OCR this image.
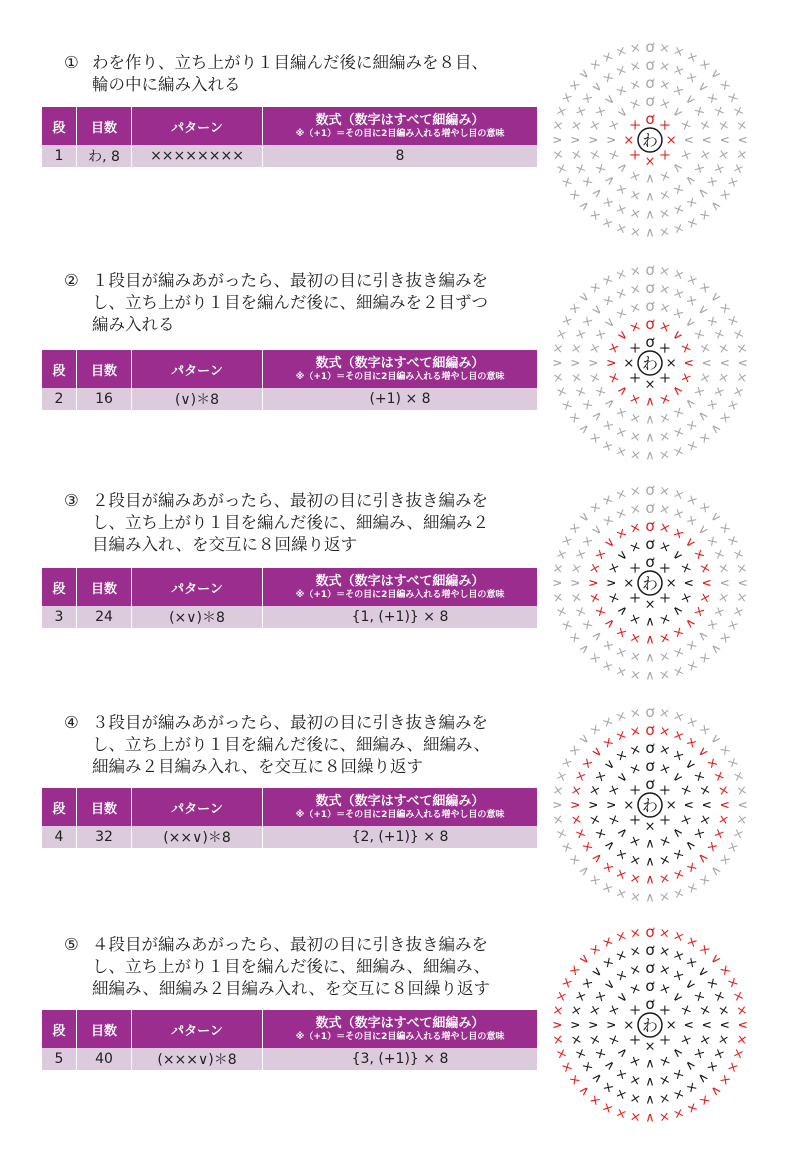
① わを作り、立ち上がり１目編んだ後に細編みを８目、
輪の中に編み入れる
段	目数	パターン	数式（数字はすべて細編み）
※（+1）＝その目に2目編み入れる増やし目の意味

1	わ, 8	××××××××	8
わ
ơ ×
×
×
×
×
×
×
ơ ×
∨
×
∨
×
∨
×
∨
×
∨
×
∨
×
∨
×
ơ ×
×
∨
×
×
∨
×
×
∨
×
×
∨
×
×
∨
×
×
∨
×
×
∨
×
×
ơ × ×
×
∨
×
×
×
∨
×
×
×
∨
×
×
×
∨
×
×
×
∨
×
×
×
∨
×
×
×
∨
×
× ×
ơ × ×
×
×
∨
×
×
×
×
∨
×
×
×
×
∨
×
×
×
×
∨
×
×
×
×
∨
×
×
×
×
∨
×
×
×
×
∨
×
×
× ×
② １段目が編みあがったら、最初の目に引き抜き編みを
し、立ち上がり１目を編んだ後に、細編みを２目ずつ
編み入れる
段	目数	パターン	数式（数字はすべて細編み）
※（+1）＝その目に2目編み入れる増やし目の意味

2	16	(∨)＊8	(+1) × 8
わ
ơ ×
×
×
×
×
×
×
ơ ×
∨
×
∨
×
∨
×
∨
×
∨
×
∨
×
∨
×
ơ ×
×
∨
×
×
∨
×
×
∨
×
×
∨
×
×
∨
×
×
∨
×
×
∨
×
×
ơ × ×
×
∨
×
×
×
∨
×
×
×
∨
×
×
×
∨
×
×
×
∨
×
×
×
∨
×
×
×
∨
×
× ×
ơ × ×
×
×
∨
×
×
×
×
∨
×
×
×
×
∨
×
×
×
×
∨
×
×
×
×
∨
×
×
×
×
∨
×
×
×
×
∨
×
×
× ×
③ ２段目が編みあがったら、最初の目に引き抜き編みを
し、立ち上がり１目を編んだ後に、細編み、細編み２
目編み入れ、を交互に８回繰り返す
段	目数	パターン	数式（数字はすべて細編み）
※（+1）＝その目に2目編み入れる増やし目の意味

3	24	(×∨)＊8	{1, (+1)} × 8
わ
ơ ×
×
×
×
×
×
×
ơ ×
∨
×
∨
×
∨
×
∨
×
∨
×
∨
×
∨
×
ơ ×
×
∨
×
×
∨
×
×
∨
×
×
∨
×
×
∨
×
×
∨
×
×
∨
×
×
ơ × ×
×
∨
×
×
×
∨
×
×
×
∨
×
×
×
∨
×
×
×
∨
×
×
×
∨
×
×
×
∨
×
× ×
ơ × ×
×
×
∨
×
×
×
×
∨
×
×
×
×
∨
×
×
×
×
∨
×
×
×
×
∨
×
×
×
×
∨
×
×
×
×
∨
×
×
× ×
④ ３段目が編みあがったら、最初の目に引き抜き編みを
し、立ち上がり１目を編んだ後に、細編み、細編み、
細編み２目編み入れ、を交互に８回繰り返す
段	目数	パターン	数式（数字はすべて細編み）
※（+1）＝その目に2目編み入れる増やし目の意味

4	32	(××∨)＊8	{2, (+1)} × 8
わ
ơ ×
×
×
×
×
×
×
ơ ×
∨
×
∨
×
∨
×
∨
×
∨
×
∨
×
∨
×
ơ ×
×
∨
×
×
∨
×
×
∨
×
×
∨
×
×
∨
×
×
∨
×
×
∨
×
×
ơ × ×
×
∨
×
×
×
∨
×
×
×
∨
×
×
×
∨
×
×
×
∨
×
×
×
∨
×
×
×
∨
×
× ×
ơ × ×
×
×
∨
×
×
×
×
∨
×
×
×
×
∨
×
×
×
×
∨
×
×
×
×
∨
×
×
×
×
∨
×
×
×
×
∨
×
×
× ×
⑤ ４段目が編みあがったら、最初の目に引き抜き編みを
し、立ち上がり１目を編んだ後に、細編み、細編み、
細編み、細編み２目編み入れ、を交互に８回繰り返す
段	目数	パターン	数式（数字はすべて細編み）
※（+1）＝その目に2目編み入れる増やし目の意味

5	40	(×××∨)＊8	{3, (+1)} × 8
わ
ơ ×
×
×
×
×
×
×
ơ ×
∨
×
∨
×
∨
×
∨
×
∨
×
∨
×
∨
×
ơ ×
×
∨
×
×
∨
×
×
∨
×
×
∨
×
×
∨
×
×
∨
×
×
∨
×
×
ơ × ×
×
∨
×
×
×
∨
×
×
×
∨
×
×
×
∨
×
×
×
∨
×
×
×
∨
×
×
×
∨
×
× ×
ơ × ×
×
×
∨
×
×
×
×
∨
×
×
×
×
∨
×
×
×
×
∨
×
×
×
×
∨
×
×
×
×
∨
×
×
×
×
∨
×
×
× ×
